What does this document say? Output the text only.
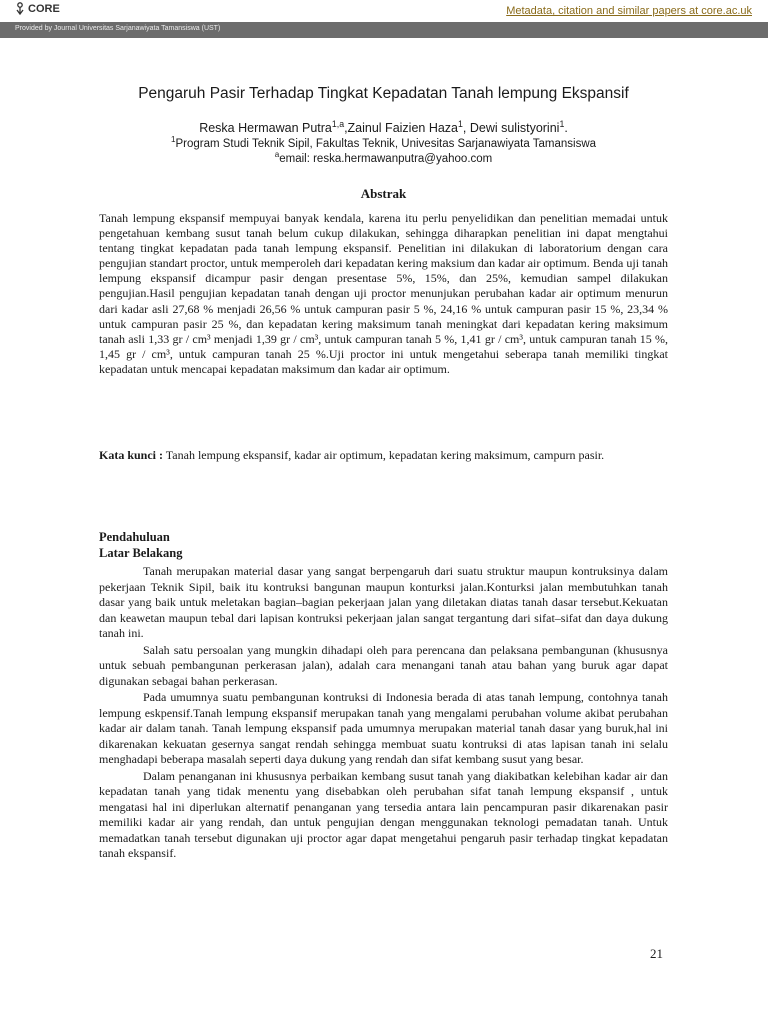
CORE	Metadata, citation and similar papers at core.ac.uk
Provided by Journal Universitas Sarjanawiyata Tamansiswa (UST)
Pengaruh Pasir Terhadap Tingkat Kepadatan Tanah lempung Ekspansif
Reska Hermawan Putra$^{1,a}$,Zainul Faizien Haza$^1$, Dewi sulistyorini$^1$.
$^1$Program Studi Teknik Sipil, Fakultas Teknik, Univesitas Sarjanawiyata Tamansiswa
$^a$email: reska.hermawanputra@yahoo.com
Abstrak
Tanah lempung ekspansif mempuyai banyak kendala, karena itu perlu penyelidikan dan penelitian memadai untuk pengetahuan kembang susut tanah belum cukup dilakukan, sehingga diharapkan penelitian ini dapat mengtahui tentang tingkat kepadatan pada tanah lempung ekspansif. Penelitian ini dilakukan di laboratorium dengan cara pengujian standart proctor, untuk memperoleh dari kepadatan kering maksium dan kadar air optimum. Benda uji tanah lempung ekspansif dicampur pasir dengan presentase 5%, 15%, dan 25%, kemudian sampel dilakukan pengujian.Hasil pengujian kepadatan tanah dengan uji proctor menunjukan perubahan kadar air optimum menurun dari kadar asli 27,68 % menjadi 26,56 % untuk campuran pasir 5 %, 24,16 % untuk campuran pasir 15 %, 23,34 % untuk campuran pasir 25 %, dan kepadatan kering maksimum tanah meningkat dari kepadatan kering maksimum tanah asli 1,33 gr / cm³ menjadi 1,39 gr / cm³, untuk campuran tanah 5 %, 1,41 gr / cm³, untuk campuran tanah 15 %, 1,45 gr / cm³, untuk campuran tanah 25 %.Uji proctor ini untuk mengetahui seberapa tanah memiliki tingkat kepadatan untuk mencapai kepadatan maksimum dan kadar air optimum.
Kata kunci : Tanah lempung ekspansif, kadar air optimum, kepadatan kering maksimum, campurn pasir.
Pendahuluan
Latar Belakang

Tanah merupakan material dasar yang sangat berpengaruh dari suatu struktur maupun kontruksinya dalam pekerjaan Teknik Sipil, baik itu kontruksi bangunan maupun konturksi jalan.Konturksi jalan membutuhkan tanah dasar yang baik untuk meletakan bagian–bagian pekerjaan jalan yang diletakan diatas tanah dasar tersebut.Kekuatan dan keawetan maupun tebal dari lapisan kontruksi pekerjaan jalan sangat tergantung dari sifat–sifat dan daya dukung tanah ini.

Salah satu persoalan yang mungkin dihadapi oleh para perencana dan pelaksana pembangunan (khususnya untuk sebuah pembangunan perkerasan jalan), adalah cara menangani tanah atau bahan yang buruk agar dapat digunakan sebagai bahan perkerasan.

Pada umumnya suatu pembangunan kontruksi di Indonesia berada di atas tanah lempung, contohnya tanah lempung eskpensif.Tanah lempung ekspansif merupakan tanah yang mengalami perubahan volume akibat perubahan kadar air dalam tanah. Tanah lempung ekspansif pada umumnya merupakan material tanah dasar yang buruk,hal ini dikarenakan kekuatan gesernya sangat rendah sehingga membuat suatu kontruksi di atas lapisan tanah ini selalu menghadapi beberapa masalah seperti daya dukung yang rendah dan sifat kembang susut yang besar.

Dalam penanganan ini khususnya perbaikan kembang susut tanah yang diakibatkan kelebihan kadar air dan kepadatan tanah yang tidak menentu yang disebabkan oleh perubahan sifat tanah lempung ekspansif , untuk mengatasi hal ini diperlukan alternatif penanganan yang tersedia antara lain pencampuran pasir dikarenakan pasir memiliki kadar air yang rendah, dan untuk pengujian dengan menggunakan teknologi pemadatan tanah. Untuk memadatkan tanah tersebut digunakan uji proctor agar dapat mengetahui pengaruh pasir terhadap tingkat kepadatan tanah ekspansif.

21
